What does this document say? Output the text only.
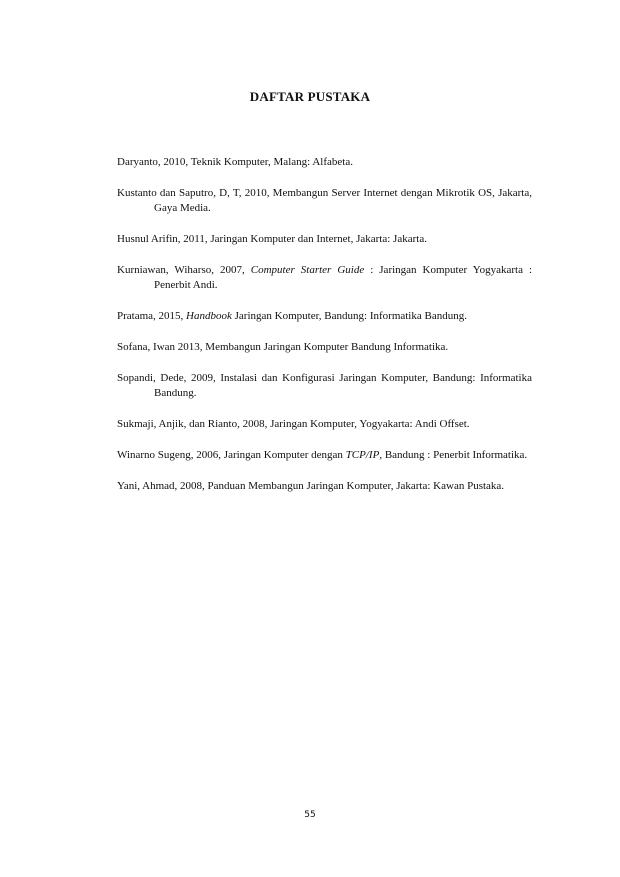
DAFTAR PUSTAKA

Daryanto, 2010, Teknik Komputer, Malang: Alfabeta.

Kustanto dan Saputro, D, T, 2010, Membangun Server Internet dengan Mikrotik OS, Jakarta, Gaya Media.

Husnul Arifin, 2011, Jaringan Komputer dan Internet, Jakarta: Jakarta.

Kurniawan, Wiharso, 2007, Computer Starter Guide : Jaringan Komputer Yogyakarta : Penerbit Andi.

Pratama, 2015, Handbook Jaringan Komputer, Bandung: Informatika Bandung.

Sofana, Iwan 2013, Membangun Jaringan Komputer Bandung Informatika.

Sopandi, Dede, 2009, Instalasi dan Konfigurasi Jaringan Komputer, Bandung: Informatika Bandung.

Sukmaji, Anjik, dan Rianto, 2008, Jaringan Komputer, Yogyakarta: Andi Offset.

Winarno Sugeng, 2006, Jaringan Komputer dengan TCP/IP, Bandung : Penerbit Informatika.

Yani, Ahmad, 2008, Panduan Membangun Jaringan Komputer, Jakarta: Kawan Pustaka.

55
